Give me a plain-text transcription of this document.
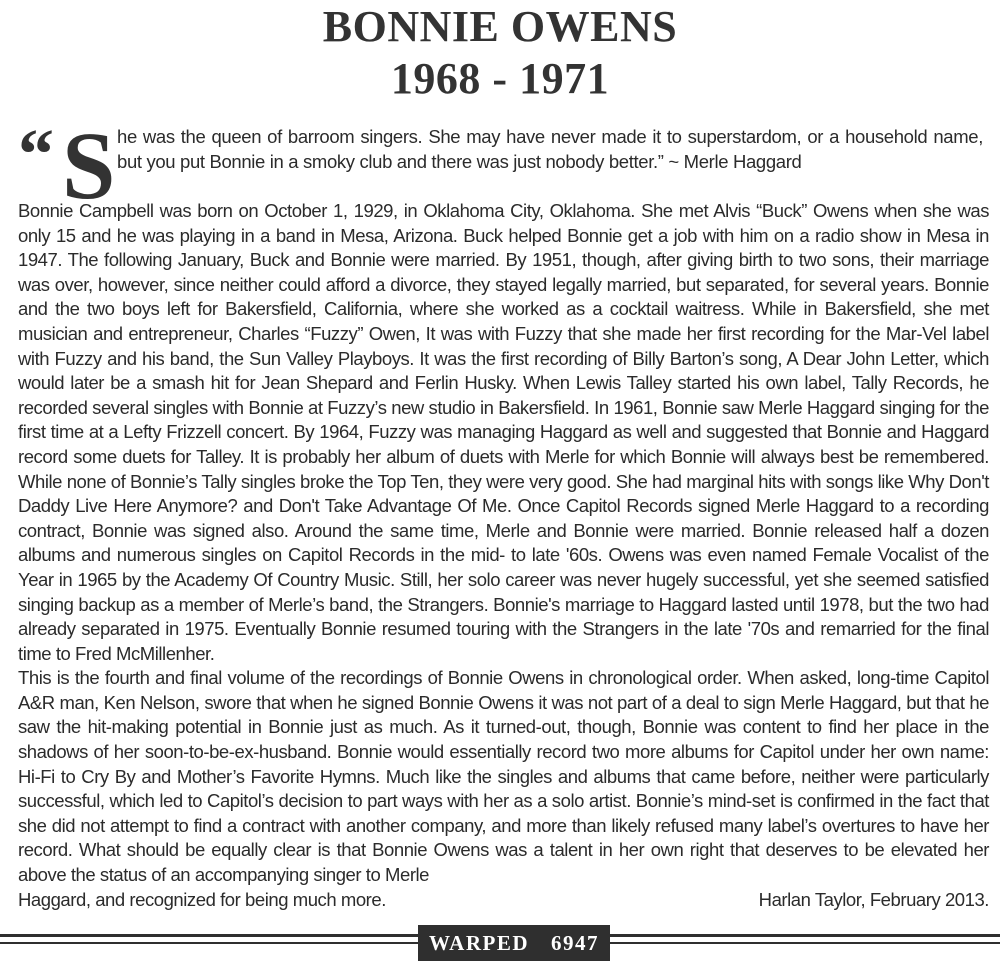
BONNIE OWENS
1968 - 1971
“ S he was the queen of barroom singers. She may have never made it to superstardom, or a household name, but you put Bonnie in a smoky club and there was just nobody better.” ~ Merle Haggard

Bonnie Campbell was born on October 1, 1929, in Oklahoma City, Oklahoma. She met Alvis “Buck” Owens when she was only 15 and he was playing in a band in Mesa, Arizona. Buck helped Bonnie get a job with him on a radio show in Mesa in 1947. The following January, Buck and Bonnie were married. By 1951, though, after giving birth to two sons, their marriage was over, however, since neither could afford a divorce, they stayed legally married, but separated, for several years. Bonnie and the two boys left for Bakersfield, California, where she worked as a cocktail waitress. While in Bakersfield, she met musician and entrepreneur, Charles “Fuzzy” Owen, It was with Fuzzy that she made her first recording for the Mar-Vel label with Fuzzy and his band, the Sun Valley Playboys. It was the first recording of Billy Barton’s song, A Dear John Letter, which would later be a smash hit for Jean Shepard and Ferlin Husky. When Lewis Talley started his own label, Tally Records, he recorded several singles with Bonnie at Fuzzy’s new studio in Bakersfield. In 1961, Bonnie saw Merle Haggard singing for the first time at a Lefty Frizzell concert. By 1964, Fuzzy was managing Haggard as well and suggested that Bonnie and Haggard record some duets for Talley. It is probably her album of duets with Merle for which Bonnie will always best be remembered. While none of Bonnie’s Tally singles broke the Top Ten, they were very good. She had marginal hits with songs like Why Don't Daddy Live Here Anymore? and Don't Take Advantage Of Me. Once Capitol Records signed Merle Haggard to a recording contract, Bonnie was signed also. Around the same time, Merle and Bonnie were married. Bonnie released half a dozen albums and numerous singles on Capitol Records in the mid- to late '60s. Owens was even named Female Vocalist of the Year in 1965 by the Academy Of Country Music. Still, her solo career was never hugely successful, yet she seemed satisfied singing backup as a member of Merle’s band, the Strangers. Bonnie's marriage to Haggard lasted until 1978, but the two had already separated in 1975. Eventually Bonnie resumed touring with the Strangers in the late '70s and remarried for the final time to Fred McMillenher.

This is the fourth and final volume of the recordings of Bonnie Owens in chronological order. When asked, long-time Capitol A&R man, Ken Nelson, swore that when he signed Bonnie Owens it was not part of a deal to sign Merle Haggard, but that he saw the hit-making potential in Bonnie just as much. As it turned-out, though, Bonnie was content to find her place in the shadows of her soon-to-be-ex-husband. Bonnie would essentially record two more albums for Capitol under her own name: Hi-Fi to Cry By and Mother’s Favorite Hymns. Much like the singles and albums that came before, neither were particularly successful, which led to Capitol’s decision to part ways with her as a solo artist. Bonnie’s mind-set is confirmed in the fact that she did not attempt to find a contract with another company, and more than likely refused many label’s overtures to have her record. What should be equally clear is that Bonnie Owens was a talent in her own right that deserves to be elevated her above the status of an accompanying singer to Merle

Haggard, and recognized for being much more.	Harlan Taylor, February 2013.
WARPED 6947
